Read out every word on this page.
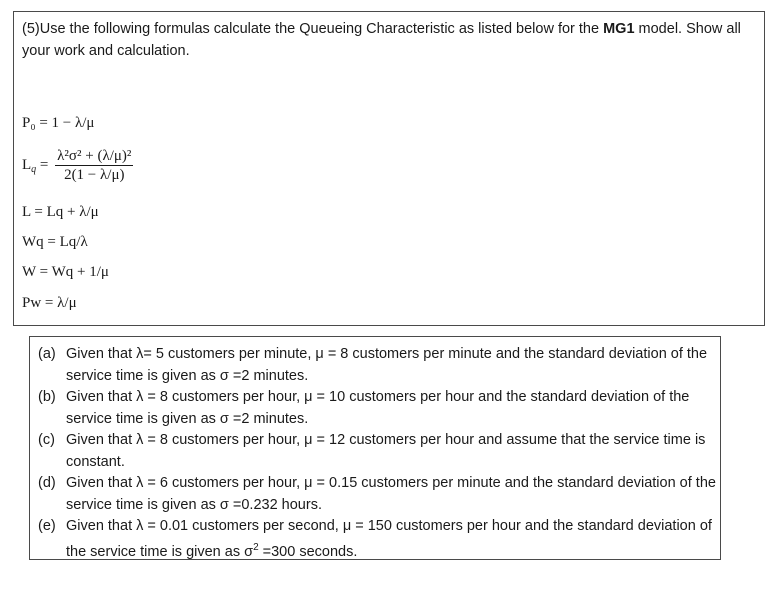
(5)Use the following formulas calculate the Queueing Characteristic as listed below for the MG1 model. Show all your work and calculation.
P₀ = 1 − λ/μ
$L_q = \frac{\text{λ²σ² + (λ/μ)²}}{2(1 - \lambda/\mu)}$
L = Lq + λ/μ
Wq = Lq/λ
W = Wq + 1/μ
Pw = λ/μ
(a) Given that λ= 5 customers per minute, μ = 8 customers per minute and the standard deviation of the service time is given as σ =2 minutes.
(b) Given that λ = 8 customers per hour, μ = 10 customers per hour and the standard deviation of the service time is given as σ =2 minutes.
(c) Given that λ = 8 customers per hour, μ = 12 customers per hour and assume that the service time is constant.
(d) Given that λ = 6 customers per hour, μ = 0.15 customers per minute and the standard deviation of the service time is given as σ =0.232 hours.
(e) Given that λ = 0.01 customers per second, μ = 150 customers per hour and the standard deviation of the service time is given as $\sigma^2 =300$ seconds.
